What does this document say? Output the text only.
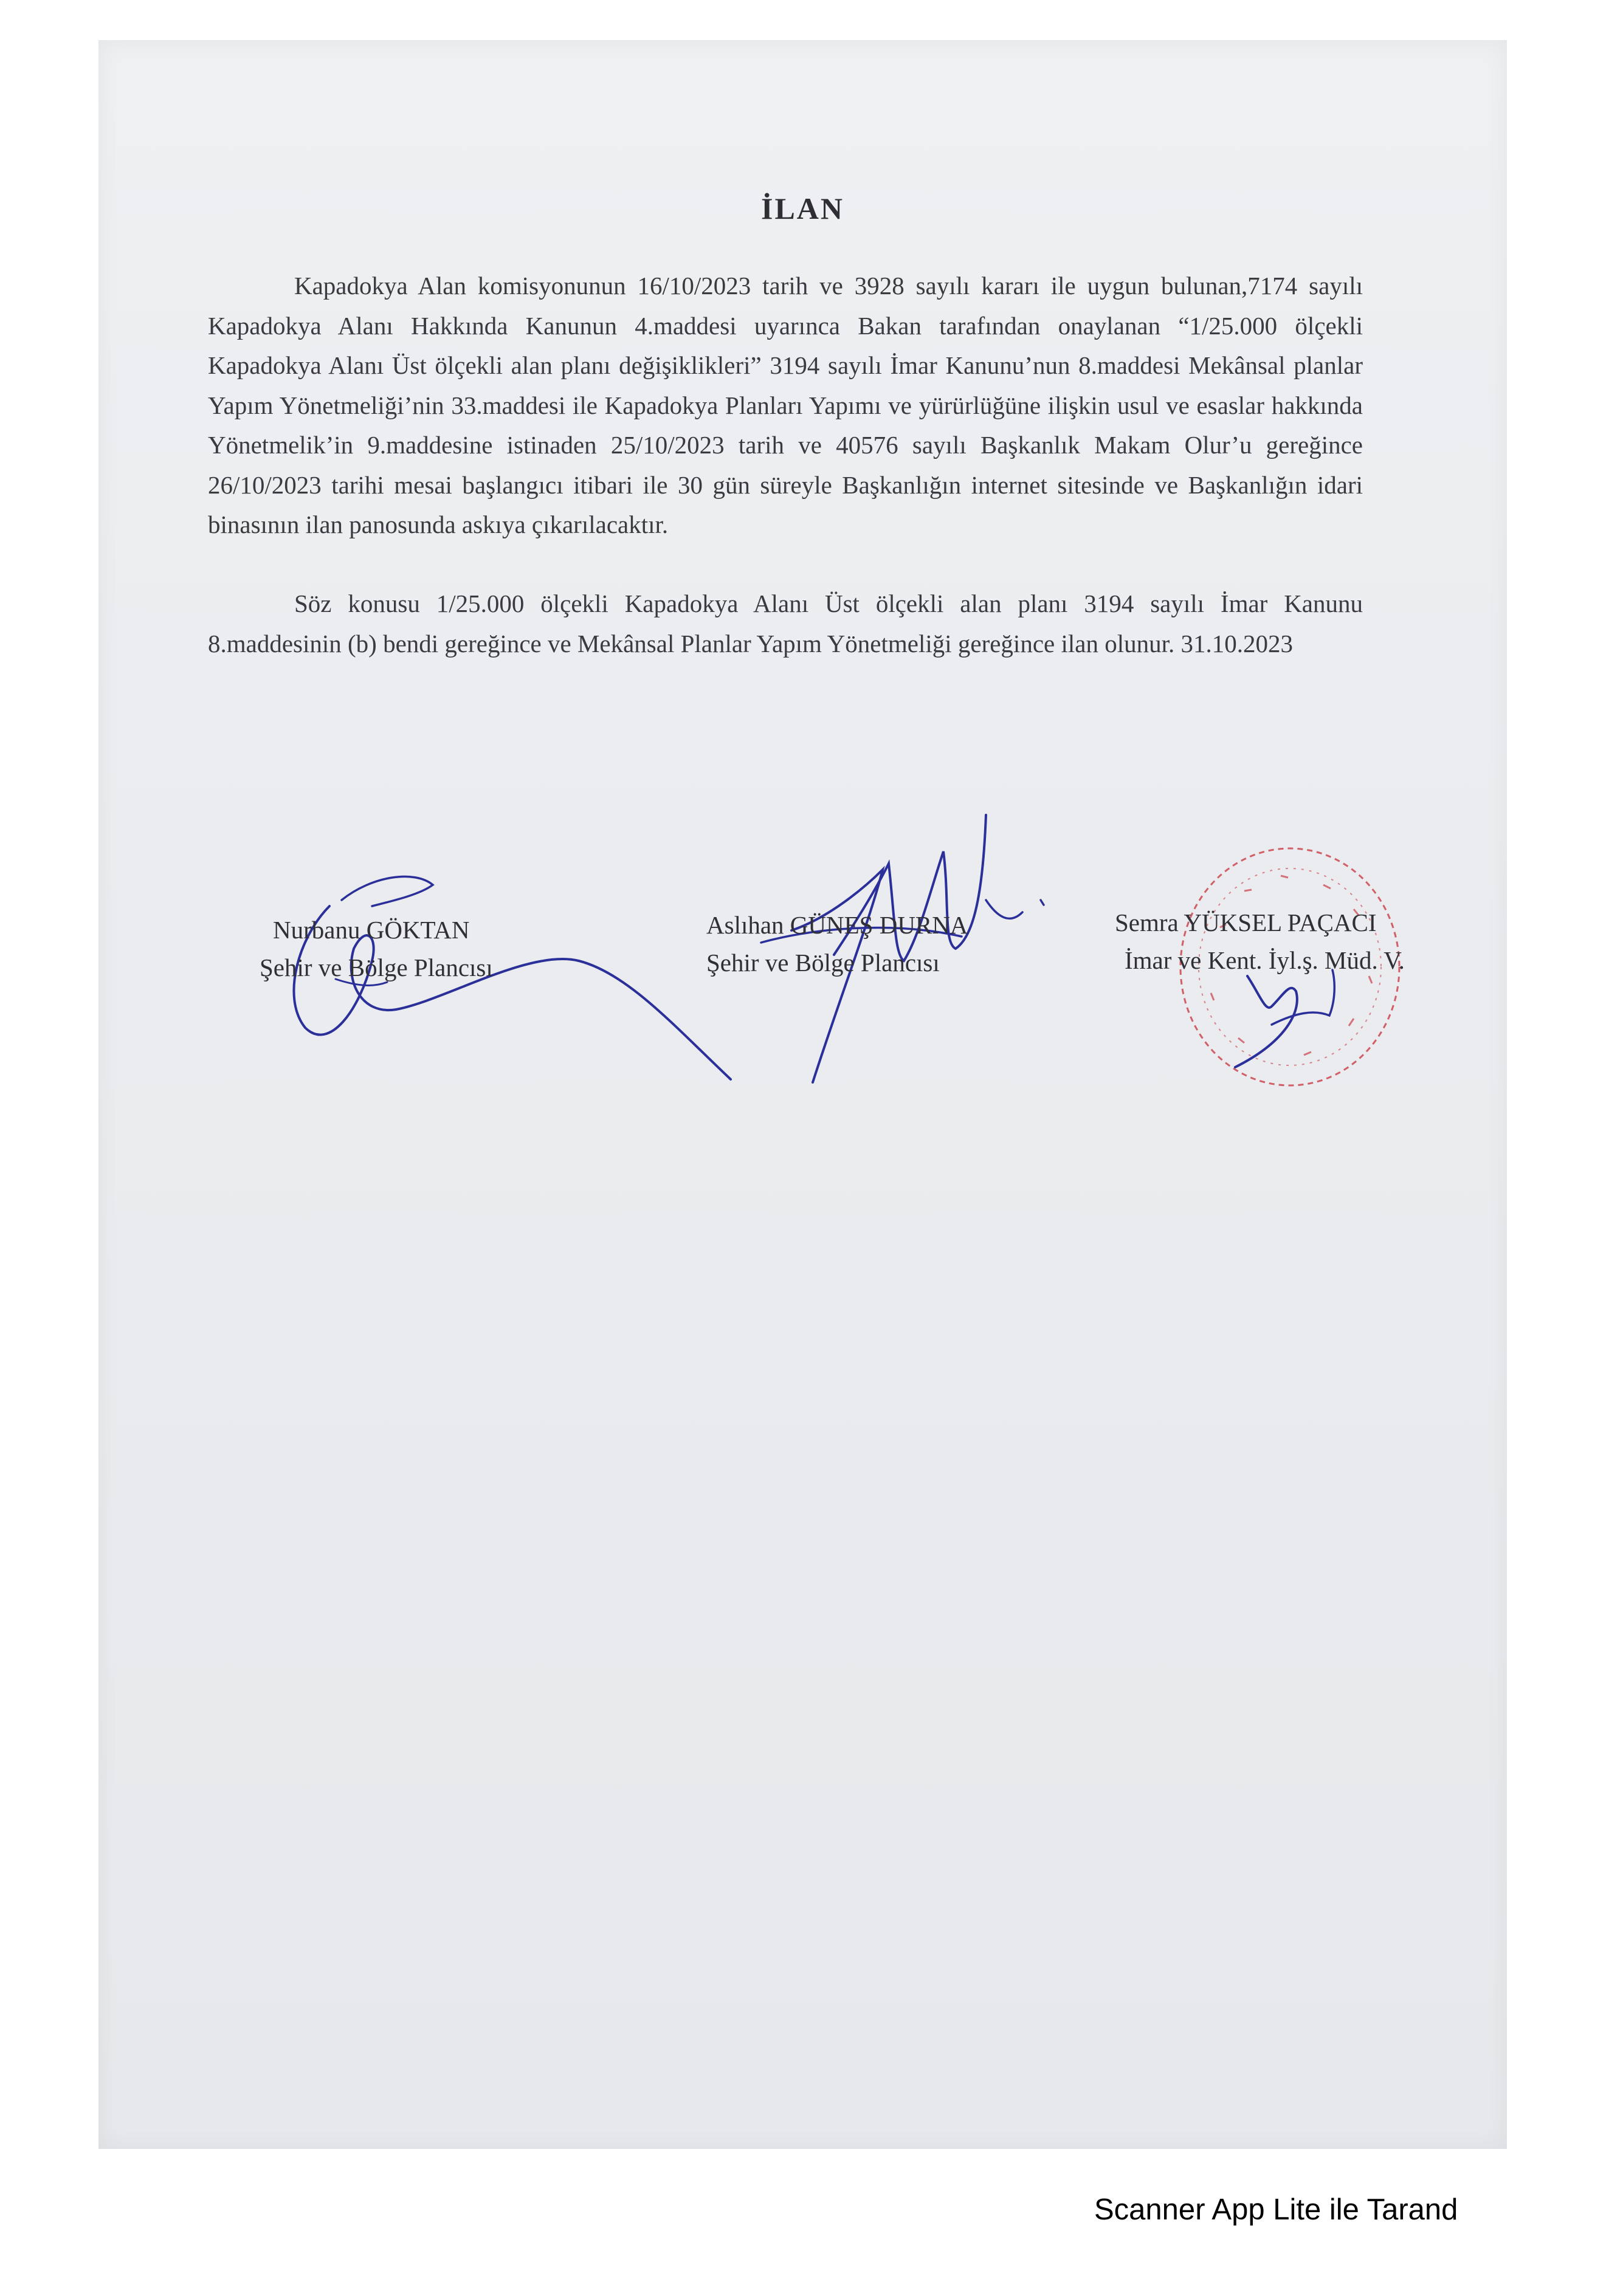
İLAN

Kapadokya Alan komisyonunun 16/10/2023 tarih ve 3928 sayılı kararı ile uygun bulunan,7174 sayılı Kapadokya Alanı Hakkında Kanunun 4.maddesi uyarınca Bakan tarafından onaylanan “1/25.000 ölçekli Kapadokya Alanı Üst ölçekli alan planı değişiklikleri” 3194 sayılı İmar Kanunu’nun 8.maddesi Mekânsal planlar Yapım Yönetmeliği’nin 33.maddesi ile Kapadokya Planları Yapımı ve yürürlüğüne ilişkin usul ve esaslar hakkında Yönetmelik’in 9.maddesine istinaden 25/10/2023 tarih ve 40576 sayılı Başkanlık Makam Olur’u gereğince 26/10/2023 tarihi mesai başlangıcı itibari ile 30 gün süreyle Başkanlığın internet sitesinde ve Başkanlığın idari binasının ilan panosunda askıya çıkarılacaktır.

Söz konusu 1/25.000 ölçekli Kapadokya Alanı Üst ölçekli alan planı 3194 sayılı İmar Kanunu 8.maddesinin (b) bendi gereğince ve Mekânsal Planlar Yapım Yönetmeliği gereğince ilan olunur. 31.10.2023

Nurbanu GÖKTAN
Şehir ve Bölge Plancısı
Aslıhan GÜNEŞ DURNA
Şehir ve Bölge Plancısı
Semra YÜKSEL PAÇACI
İmar ve Kent. İyl.ş. Müd. V.
Scanner App Lite ile Tarand
